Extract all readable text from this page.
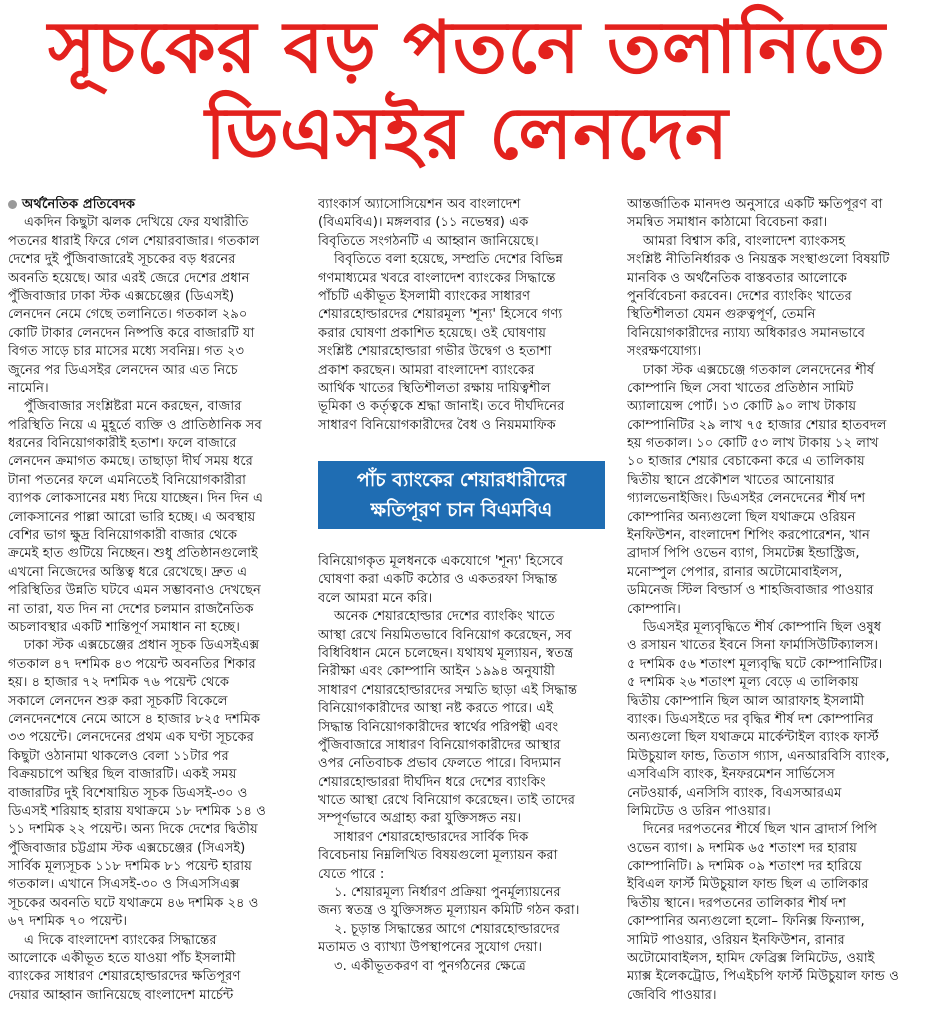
সূচকের বড় পতনে তলানিতে
ডিএসইর লেনদেন
অর্থনৈতিক প্রতিবেদক
একদিন কিছুটা ঝলক দেখিয়ে ফের যথারীতি
পতনের ধারাই ফিরে গেল শেয়ারবাজার। গতকাল
দেশের দুই পুঁজিবাজারেই সূচকের বড় ধরনের
অবনতি হয়েছে। আর এরই জেরে দেশের প্রধান
পুঁজিবাজার ঢাকা স্টক এক্সচেঞ্জের (ডিএসই)
লেনদেন নেমে গেছে তলানিতে। গতকাল ২৯০
কোটি টাকার লেনদেন নিষ্পত্তি করে বাজারটি যা
বিগত সাড়ে চার মাসের মধ্যে সবনিম্ন। গত ২৩
জুনের পর ডিএসইর লেনদেন আর এত নিচে
নামেনি।
পুঁজিবাজার সংশ্লিষ্টরা মনে করছেন, বাজার
পরিস্থিতি নিয়ে এ মুহূর্তে ব্যক্তি ও প্রাতিষ্ঠানিক সব
ধরনের বিনিয়োগকারীই হতাশ। ফলে বাজারে
লেনদেন ক্রমাগত কমছে। তাছাড়া দীর্ঘ সময় ধরে
টানা পতনের ফলে এমনিতেই বিনিয়োগকারীরা
ব্যাপক লোকসানের মধ্য দিয়ে যাচ্ছেন। দিন দিন এ
লোকসানের পাল্লা আরো ভারি হচ্ছে। এ অবস্থায়
বেশির ভাগ ক্ষুদ্র বিনিয়োগকারী বাজার থেকে
ক্রমেই হাত গুটিয়ে নিচ্ছেন। শুধু প্রতিষ্ঠানগুলোই
এখনো নিজেদের অস্তিত্ব ধরে রেখেছে। দ্রুত এ
পরিস্থিতির উন্নতি ঘটবে এমন সম্ভাবনাও দেখছেন
না তারা, যত দিন না দেশের চলমান রাজনৈতিক
অচলাবস্থার একটি শান্তিপূর্ণ সমাধান না হচ্ছে।
ঢাকা স্টক এক্সচেঞ্জের প্রধান সূচক ডিএসইএক্স
গতকাল ৪৭ দশমিক ৪৩ পয়েন্ট অবনতির শিকার
হয়। ৪ হাজার ৭২ দশমিক ৭৬ পয়েন্ট থেকে
সকালে লেনদেন শুরু করা সূচকটি বিকেলে
লেনদেনশেষে নেমে আসে ৪ হাজার ৮২৫ দশমিক
৩৩ পয়েন্টে। লেনদেনের প্রথম এক ঘণ্টা সূচকের
কিছুটা ওঠানামা থাকলেও বেলা ১১টার পর
বিক্রয়চাপে অস্থির ছিল বাজারটি। একই সময়
বাজারটির দুই বিশেষায়িত সূচক ডিএসই-৩০ ও
ডিএসই শরিয়াহ হারায় যথাক্রমে ১৮ দশমিক ১৪ ও
১১ দশমিক ২২ পয়েন্ট। অন্য দিকে দেশের দ্বিতীয়
পুঁজিবাজার চট্টগ্রাম স্টক এক্সচেঞ্জের (সিএসই)
সার্বিক মূল্যসূচক ১১৮ দশমিক ৮১ পয়েন্ট হারায়
গতকাল। এখানে সিএসই-৩০ ও সিএসসিএক্স
সূচকের অবনতি ঘটে যথাক্রমে ৪৬ দশমিক ২৪ ও
৬৭ দশমিক ৭০ পয়েন্ট।
এ দিকে বাংলাদেশ ব্যাংকের সিদ্ধান্তের
আলোকে একীভূত হতে যাওয়া পাঁচ ইসলামী
ব্যাংকের সাধারণ শেয়ারহোল্ডারদের ক্ষতিপূরণ
দেয়ার আহ্বান জানিয়েছে বাংলাদেশ মার্চেন্ট
ব্যাংকার্স অ্যাসোসিয়েশন অব বাংলাদেশ
(বিএমবিএ)। মঙ্গলবার (১১ নভেম্বর) এক
বিবৃতিতে সংগঠনটি এ আহ্বান জানিয়েছে।
বিবৃতিতে বলা হয়েছে, সম্প্রতি দেশের বিভিন্ন
গণমাধ্যমের খবরে বাংলাদেশ ব্যাংকের সিদ্ধান্তে
পাঁচটি একীভূত ইসলামী ব্যাংকের সাধারণ
শেয়ারহোল্ডারদের শেয়ারমূল্য 'শূন্য' হিসেবে গণ্য
করার ঘোষণা প্রকাশিত হয়েছে। ওই ঘোষণায়
সংশ্লিষ্ট শেয়ারহোল্ডারা গভীর উদ্বেগ ও হতাশা
প্রকাশ করছেন। আমরা বাংলাদেশ ব্যাংকের
আর্থিক খাতের স্থিতিশীলতা রক্ষায় দায়িত্বশীল
ভূমিকা ও কর্তৃত্বকে শ্রদ্ধা জানাই। তবে দীর্ঘদিনের
সাধারণ বিনিয়োগকারীদের বৈধ ও নিয়মমাফিক
পাঁচ ব্যাংকের শেয়ারধারীদের
ক্ষতিপূরণ চান বিএমবিএ
বিনিয়োগকৃত মূলধনকে একযোগে 'শূন্য' হিসেবে
ঘোষণা করা একটি কঠোর ও একতরফা সিদ্ধান্ত
বলে আমরা মনে করি।
অনেক শেয়ারহোল্ডার দেশের ব্যাংকিং খাতে
আস্থা রেখে নিয়মিতভাবে বিনিয়োগ করেছেন, সব
বিধিবিধান মেনে চলেছেন। যথাযথ মূল্যায়ন, স্বতন্ত্র
নিরীক্ষা এবং কোম্পানি আইন ১৯৯৪ অনুযায়ী
সাধারণ শেয়ারহোল্ডারদের সম্মতি ছাড়া এই সিদ্ধান্ত
বিনিয়োগকারীদের আস্থা নষ্ট করতে পারে। এই
সিদ্ধান্ত বিনিয়োগকারীদের স্বার্থের পরিপন্থী এবং
পুঁজিবাজারে সাধারণ বিনিয়োগকারীদের আস্থার
ওপর নেতিবাচক প্রভাব ফেলতে পারে। বিদ্যমান
শেয়ারহোল্ডাররা দীর্ঘদিন ধরে দেশের ব্যাংকিং
খাতে আস্থা রেখে বিনিয়োগ করেছেন। তাই তাদের
সম্পূর্ণভাবে অগ্রাহ্য করা যুক্তিসঙ্গত নয়।
সাধারণ শেয়ারহোল্ডারদের সার্বিক দিক
বিবেচনায় নিম্নলিখিত বিষয়গুলো মূল্যায়ন করা
যেতে পারে :
১. শেয়ারমূল্য নির্ধারণ প্রক্রিয়া পুনর্মূল্যায়নের
জন্য স্বতন্ত্র ও যুক্তিসঙ্গত মূল্যায়ন কমিটি গঠন করা।
২. চূড়ান্ত সিদ্ধান্তের আগে শেয়ারহোল্ডারদের
মতামত ও ব্যাখ্যা উপস্থাপনের সুযোগ দেয়া।
৩. একীভূতকরণ বা পুনর্গঠনের ক্ষেত্রে
আন্তর্জাতিক মানদণ্ড অনুসারে একটি ক্ষতিপূরণ বা
সমন্বিত সমাধান কাঠামো বিবেচনা করা।
আমরা বিশ্বাস করি, বাংলাদেশ ব্যাংকসহ
সংশ্লিষ্ট নীতিনির্ধারক ও নিয়ন্ত্রক সংস্থাগুলো বিষয়টি
মানবিক ও অর্থনৈতিক বাস্তবতার আলোকে
পুনর্বিবেচনা করবেন। দেশের ব্যাংকিং খাতের
স্থিতিশীলতা যেমন গুরুত্বপূর্ণ, তেমনি
বিনিয়োগকারীদের ন্যায্য অধিকারও সমানভাবে
সংরক্ষণযোগ্য।
ঢাকা স্টক এক্সচেঞ্জে গতকাল লেনদেনের শীর্ষ
কোম্পানি ছিল সেবা খাতের প্রতিষ্ঠান সামিট
অ্যালায়েন্স পোর্ট। ১৩ কোটি ৯০ লাখ টাকায়
কোম্পানিটির ২৯ লাখ ৭৫ হাজার শেয়ার হাতবদল
হয় গতকাল। ১০ কোটি ৫৩ লাখ টাকায় ১২ লাখ
১০ হাজার শেয়ার বেচাকেনা করে এ তালিকায়
দ্বিতীয় স্থানে প্রকৌশল খাতের আনোয়ার
গ্যালভেনাইজিং। ডিএসইর লেনদেনের শীর্ষ দশ
কোম্পানির অন্যগুলো ছিল যথাক্রমে ওরিয়ন
ইনফিউশন, বাংলাদেশ শিপিং করপোরেশন, খান
ব্রাদার্স পিপি ওভেন ব্যাগ, সিমটেক্স ইন্ডাস্ট্রিজ,
মনোস্পুল পেপার, রানার অটোমোবাইলস,
ডমিনেজ স্টিল বিল্ডার্স ও শাহজিবাজার পাওয়ার
কোম্পানি।
ডিএসইর মূল্যবৃদ্ধিতে শীর্ষ কোম্পানি ছিল ওষুধ
ও রসায়ন খাতের ইবনে সিনা ফার্মাসিউটিক্যালস।
৫ দশমিক ৫৬ শতাংশ মূল্যবৃদ্ধি ঘটে কোম্পানিটির।
৫ দশমিক ২৬ শতাংশ মূল্য বেড়ে এ তালিকায়
দ্বিতীয় কোম্পানি ছিল আল আরাফাহ ইসলামী
ব্যাংক। ডিএসইতে দর বৃদ্ধির শীর্ষ দশ কোম্পানির
অন্যগুলো ছিল যথাক্রমে মার্কেন্টাইল ব্যাংক ফার্স্ট
মিউচুয়াল ফান্ড, তিতাস গ্যাস, এনআরবিসি ব্যাংক,
এসবিএসি ব্যাংক, ইনফরমেশন সার্ভিসেস
নেটওয়ার্ক, এনসিসি ব্যাংক, বিএসআরএম
লিমিটেড ও ডরিন পাওয়ার।
দিনের দরপতনের শীর্ষে ছিল খান ব্রাদার্স পিপি
ওভেন ব্যাগ। ৯ দশমিক ৬৫ শতাংশ দর হারায়
কোম্পানিটি। ৯ দশমিক ০৯ শতাংশ দর হারিয়ে
ইবিএল ফার্স্ট মিউচুয়াল ফান্ড ছিল এ তালিকার
দ্বিতীয় স্থানে। দরপতনের তালিকার শীর্ষ দশ
কোম্পানির অন্যগুলো হলো– ফিনিক্স ফিন্যান্স,
সামিট পাওয়ার, ওরিয়ন ইনফিউশন, রানার
অটোমোবাইলস, হামিদ ফেব্রিক্স লিমিটেড, ওয়াই
ম্যাক্স ইলেকট্রোড, পিএইচপি ফার্স্ট মিউচুয়াল ফান্ড ও
জেবিবি পাওয়ার।
